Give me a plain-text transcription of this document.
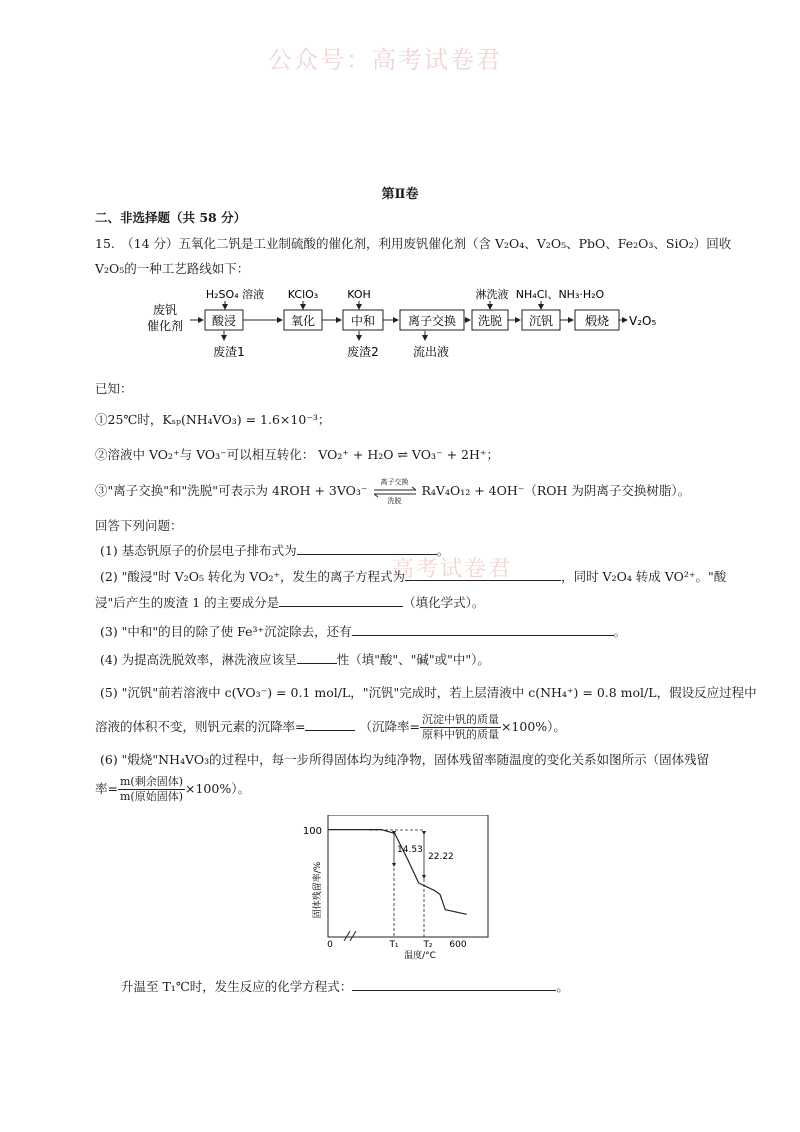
公众号：高考试卷君
高考试卷君
第Ⅱ卷
二、非选择题（共 58 分）
15.　（14 分）五氧化二钒是工业制硫酸的催化剂，利用废钒催化剂（含 V₂O₄、V₂O₅、PbO、Fe₂O₃、SiO₂）回收
V₂O₅的一种工艺路线如下：
废钒
催化剂 酸浸	氧化	中和	离子交换 洗脱 沉钒	煅烧 V₂O₅
H₂SO₄ 溶液 KClO₃	KOH	淋洗液 NH₄Cl、NH₃·H₂O
废渣1	废渣2	流出液
已知：
①25℃时，Kₛₚ(NH₄VO₃) = 1.6×10⁻³；
②溶液中 VO₂⁺与 VO₃⁻可以相互转化： VO₂⁺ + H₂O ⇌ VO₃⁻ + 2H⁺；
③"离子交换"和"洗脱"可表示为 4ROH + 3VO₃⁻
离子交换
洗脱
R₄V₄O₁₂ + 4OH⁻（ROH 为阴离子交换树脂）。
回答下列问题：
(1) 基态钒原子的价层电子排布式为	。
(2) "酸浸"时 V₂O₅ 转化为 VO₂⁺，发生的离子方程式为	，同时 V₂O₄ 转成 VO²⁺。"酸
浸"后产生的废渣 1 的主要成分是	（填化学式）。
(3) "中和"的目的除了使 Fe³⁺沉淀除去，还有	。
(4) 为提高洗脱效率，淋洗液应该呈	性（填"酸"、"碱"或"中"）。
(5) "沉钒"前若溶液中 c(VO₃⁻) = 0.1 mol/L，"沉钒"完成时，若上层清液中 c(NH₄⁺) = 0.8 mol/L，假设反应过程中
溶液的体积不变，则钒元素的沉降率=	（沉降率= $\frac{\text{沉淀中钒的质量}}{\text{原料中钒的质量}} \times 100\%$）。
(6) "煅烧"NH₄VO₃的过程中，每一步所得固体均为纯净物，固体残留率随温度的变化关系如图所示（固体残留
率= $\frac{\text{m(剩余固体)}}{\text{m(原始固体)}} \times 100\%$）。
固体残留率/%
100
0	T₁	T₂ 600
温度/°C
14.53
22.22
升温至 T₁℃时，发生反应的化学方程式：	。
